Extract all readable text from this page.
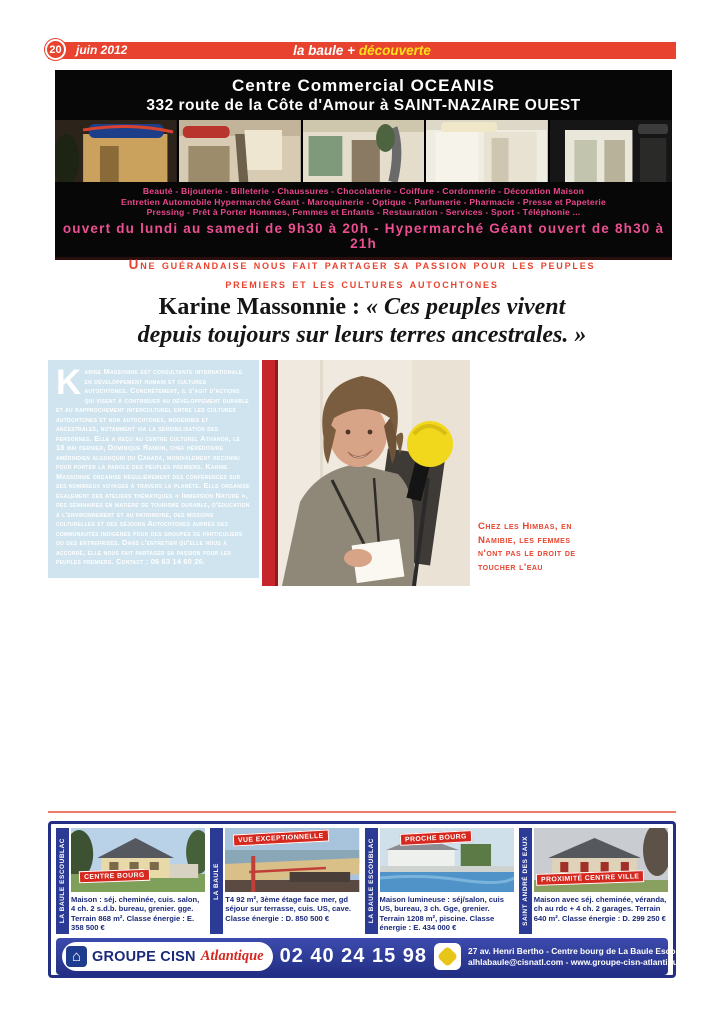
20	juin 2012	la baule + découverte
Centre Commercial OCEANIS
332 route de la Côte d'Amour à SAINT-NAZAIRE OUEST
Beauté - Bijouterie - Billeterie - Chaussures - Chocolaterie - Coiffure - Cordonnerie - Décoration Maison
Entretien Automobile Hypermarché Géant - Maroquinerie - Optique - Parfumerie - Pharmacie - Presse et Papeterie
Pressing - Prêt à Porter Hommes, Femmes et Enfants - Restauration - Services - Sport - Téléphonie ...
ouvert du lundi au samedi de 9h30 à 20h - Hypermarché Géant ouvert de 8h30 à 21h
Une guérandaise nous fait partager sa passion pour les peuples
premiers et les cultures autochtones
Karine Massonnie : « Ces peuples vivent
depuis toujours sur leurs terres ancestrales. »
Karine Massonnie est consultante internationale en développement humain et cultures autochtones. Concrètement, il s'agit d'actions qui visent à contribuer au développement durable et au rapprochement interculturel entre les cultures autochtones et non autochtones, modernes et ancestrales, notamment via la sensibilisation des personnes. Elle a reçu au centre culturel Athanor, le 18 mai dernier, Dominique Rankin, chef héréditaire amérindien algonquin du Canada, mondialement reconnu pour porter la parole des peuples premiers. Karine Massonnie organise régulièrement des conférences sur ses nombreux voyages à travers la planète. Elle organise également des ateliers thématiques « Immersion Nature », des séminaires en matière de tourisme durable, d'éducation à l'environnement et au patrimoine, des missions culturelles et des séjours Autochtones auprès des communautés indigènes pour des groupes de particuliers ou des entreprises. Dans l'entretien qu'elle nous a accordé, elle nous fait partager sa passion pour les peuples premiers. Contact : 06 63 14 60 26.
Chez les Himbas, en Namibie, les femmes n'ont pas le droit de toucher l'eau
LA BAULE ESCOUBLAC	CENTRE BOURG
Maison : séj. cheminée, cuis. salon, 4 ch. 2 s.d.b. bureau, grenier. gge. Terrain 868 m². Classe énergie : E. 358 500 €
LA BAULE
VUE EXCEPTIONNELLE
T4 92 m², 3ème étage face mer, gd séjour sur terrasse, cuis. US, cave. Classe énergie : D. 850 500 €	LA BAULE ESCOUBLAC
PROCHE BOURG
Maison lumineuse : séj/salon, cuis US, bureau, 3 ch. Gge, grenier. Terrain 1208 m², piscine. Classe énergie : E. 434 000 €
SAINT ANDRÉ DES EAUX	PROXIMITÉ CENTRE VILLE
Maison avec séj. cheminée, véranda, ch au rdc + 4 ch. 2 garages. Terrain 640 m². Classe énergie : D. 299 250 €
⌂ GROUPE CISN Atlantique 02 40 24 15 98	27 av. Henri Bertho - Centre bourg de La Baule Escoublac
alhlabaule@cisnatl.com - www.groupe-cisn-atlantique.com
